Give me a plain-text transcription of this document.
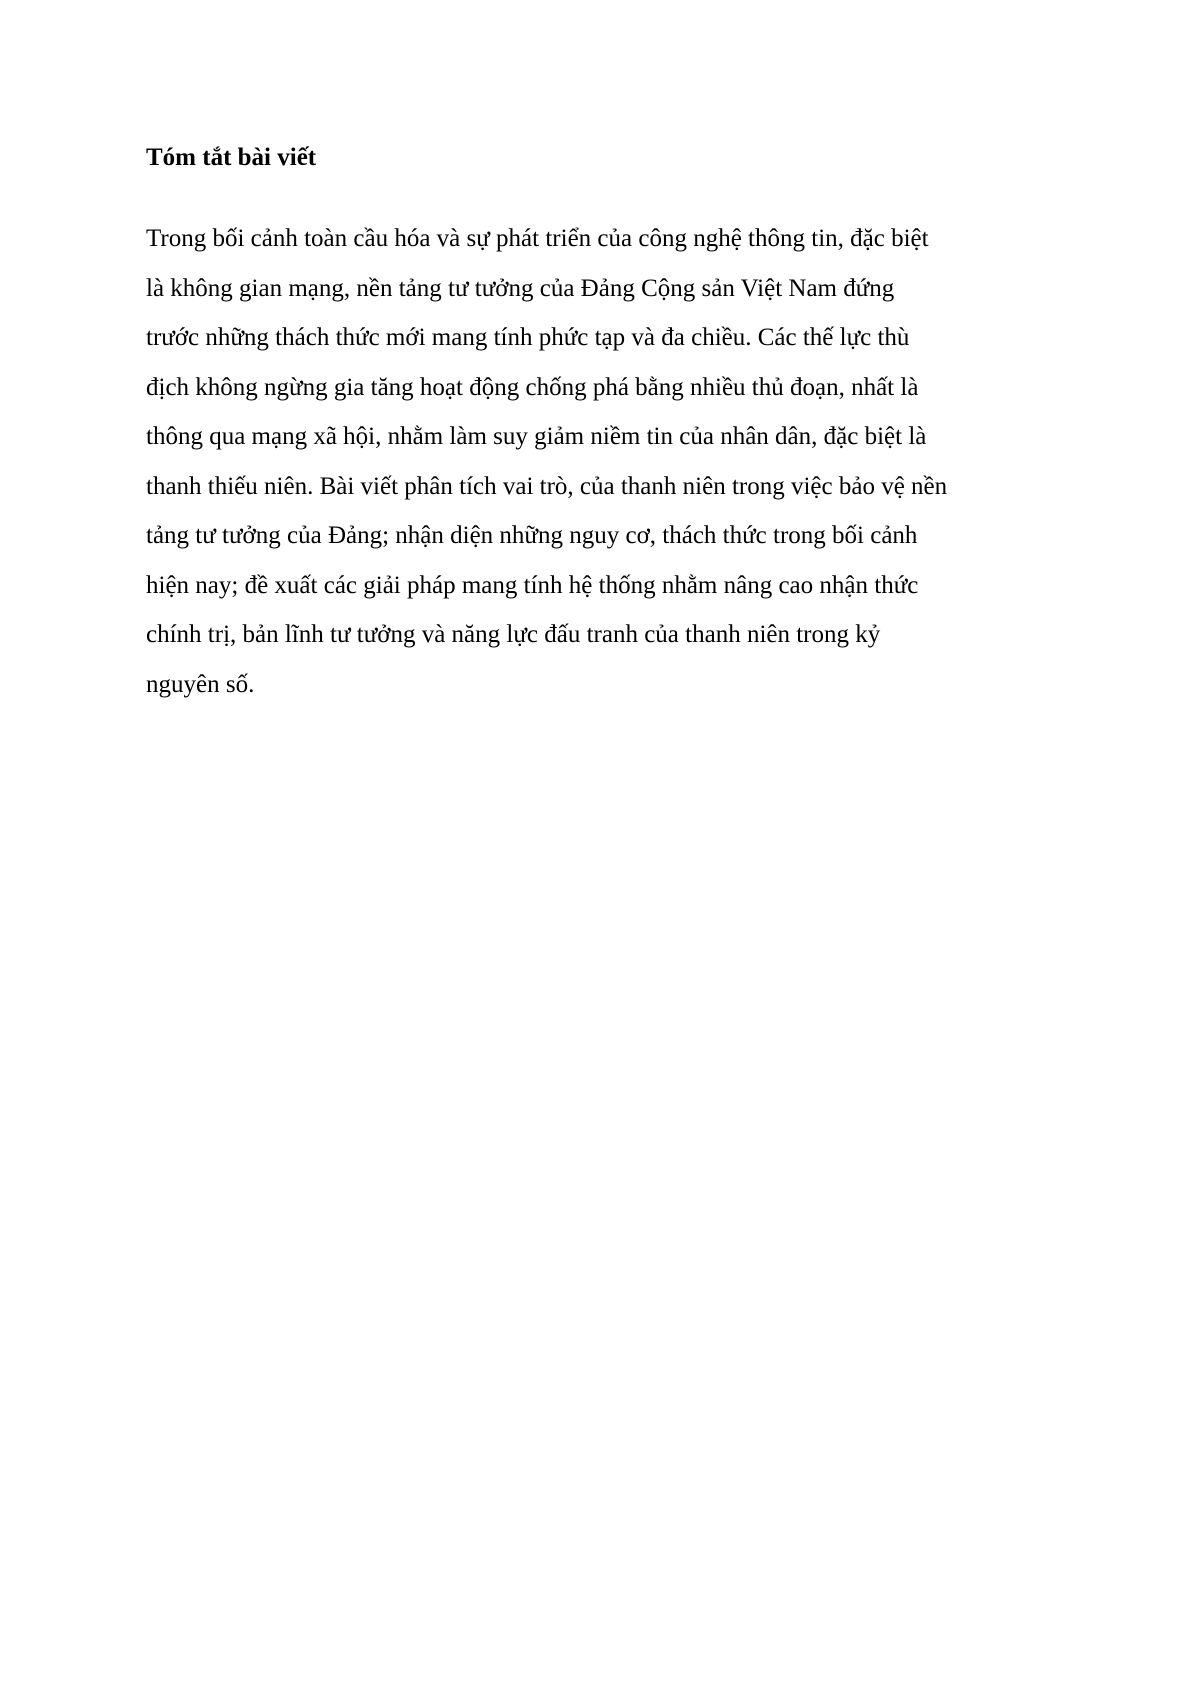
Tóm tắt bài viết

Trong bối cảnh toàn cầu hóa và sự phát triển của công nghệ thông tin, đặc biệt
là không gian mạng, nền tảng tư tưởng của Đảng Cộng sản Việt Nam đứng
trước những thách thức mới mang tính phức tạp và đa chiều. Các thế lực thù
địch không ngừng gia tăng hoạt động chống phá bằng nhiều thủ đoạn, nhất là
thông qua mạng xã hội, nhằm làm suy giảm niềm tin của nhân dân, đặc biệt là
thanh thiếu niên. Bài viết phân tích vai trò, của thanh niên trong việc bảo vệ nền
tảng tư tưởng của Đảng; nhận diện những nguy cơ, thách thức trong bối cảnh
hiện nay; đề xuất các giải pháp mang tính hệ thống nhằm nâng cao nhận thức
chính trị, bản lĩnh tư tưởng và năng lực đấu tranh của thanh niên trong kỷ
nguyên số.
